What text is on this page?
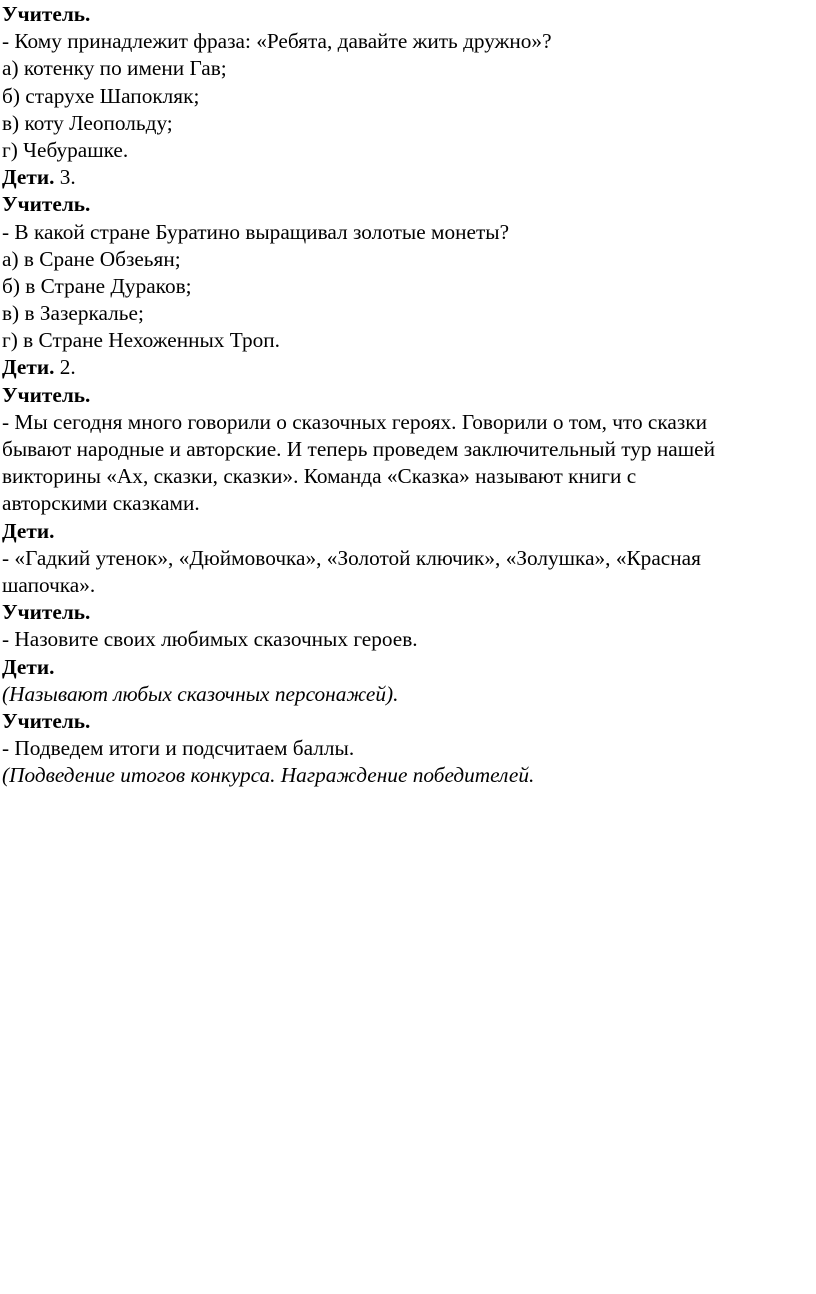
Учитель.
- Кому принадлежит фраза: «Ребята, давайте жить дружно»?
а) котенку по имени Гав;
б) старухе Шапокляк;
в) коту Леопольду;
г) Чебурашке.
Дети. 3.
Учитель.
- В какой стране Буратино выращивал золотые монеты?
а) в Сране Обзеьян;
б) в Стране Дураков;
в) в Зазеркалье;
г) в Стране Нехоженных Троп.
Дети. 2.
Учитель.
- Мы сегодня много говорили о сказочных героях. Говорили о том, что сказки
бывают народные и авторские. И теперь проведем заключительный тур нашей
викторины «Ах, сказки, сказки». Команда «Сказка» называют книги с
авторскими сказками.
Дети.
- «Гадкий утенок», «Дюймовочка», «Золотой ключик», «Золушка», «Красная
шапочка».
Учитель.
- Назовите своих любимых сказочных героев.
Дети.
(Называют любых сказочных персонажей).
Учитель.
- Подведем итоги и подсчитаем баллы.
(Подведение итогов конкурса. Награждение победителей.
